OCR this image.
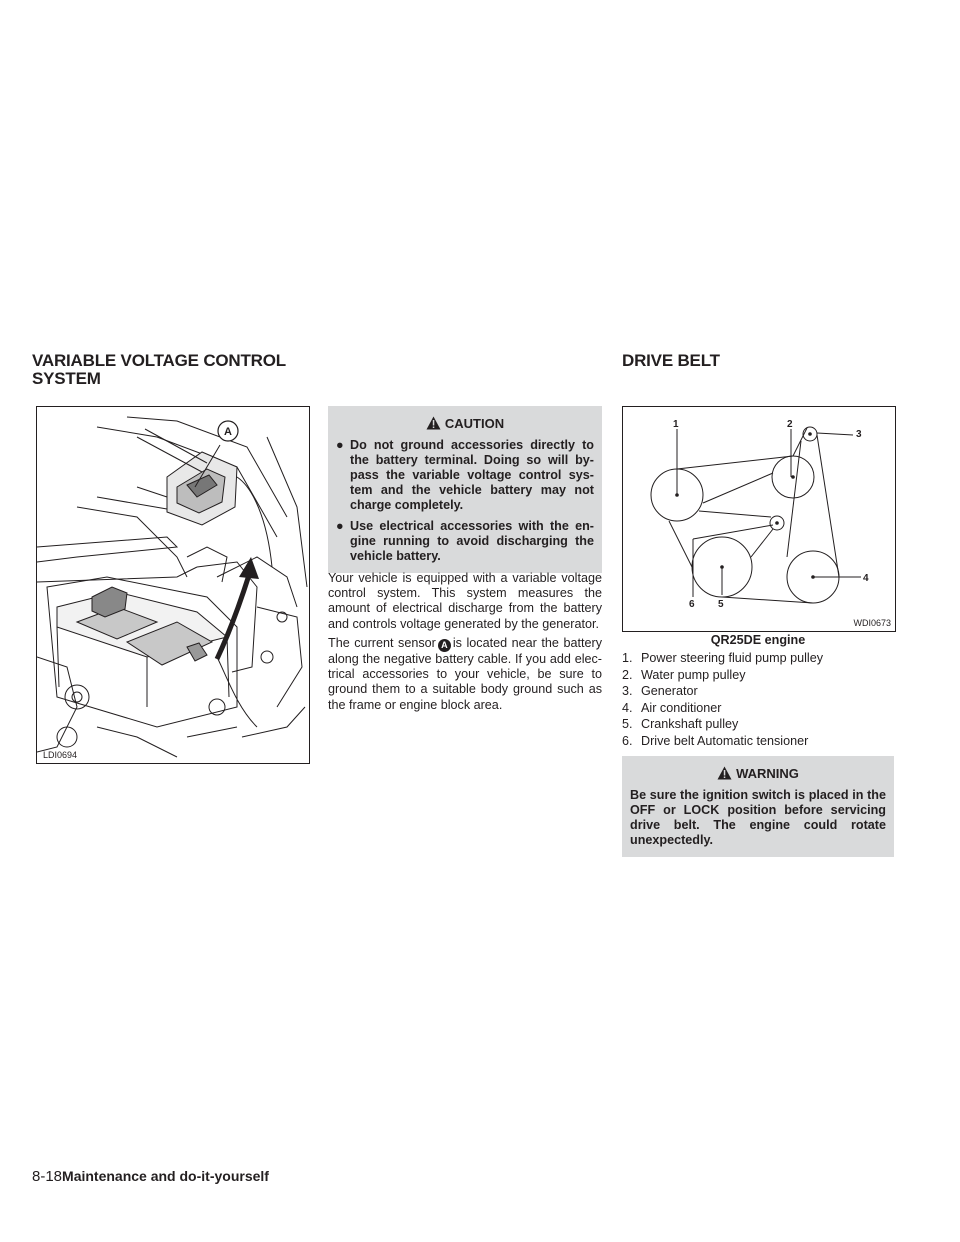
VARIABLE VOLTAGE CONTROL
SYSTEM
DRIVE BELT
A
LDI0694
CAUTION

● Do not ground accessories directly to the battery terminal. Doing so will by-pass the variable voltage control sys-tem and the vehicle battery may not charge completely.

● Use electrical accessories with the en-gine running to avoid discharging the vehicle battery.

Your vehicle is equipped with a variable voltage control system. This system measures the amount of electrical discharge from the battery and controls voltage generated by the generator.

The current sensor A is located near the battery along the negative battery cable. If you add elec-trical accessories to your vehicle, be sure to ground them to a suitable body ground such as the frame or engine block area.

1	2
3
4
5
6
WDI0673
QR25DE engine
1. Power steering fluid pump pulley
2. Water pump pulley
3. Generator
4. Air conditioner
5. Crankshaft pulley
6. Drive belt Automatic tensioner
WARNING

Be sure the ignition switch is placed in the OFF or LOCK position before servicing drive belt. The engine could rotate unexpectedly.

8-18Maintenance and do-it-yourself
